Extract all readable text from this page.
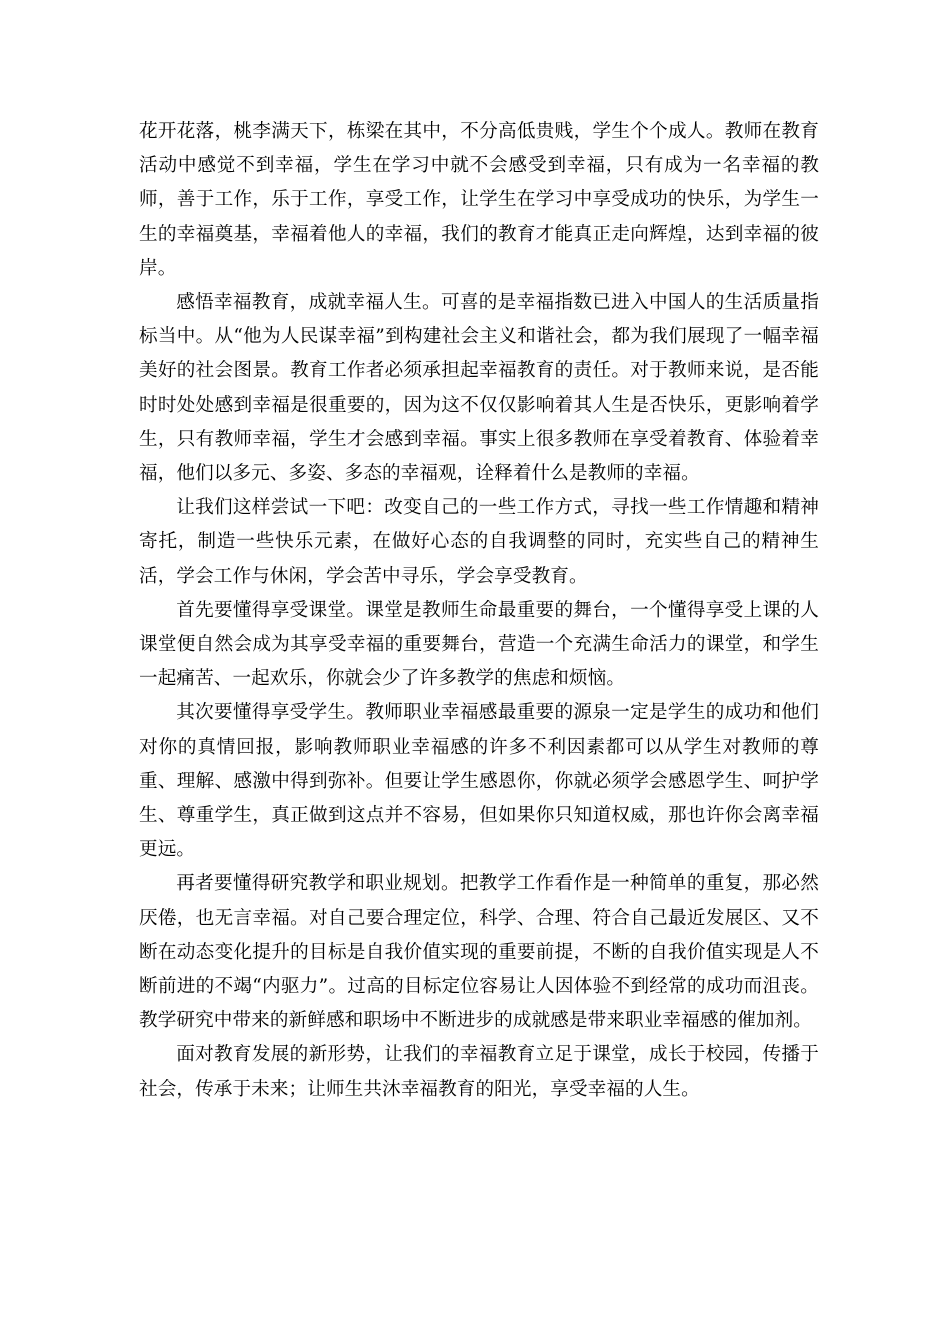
花开花落，桃李满天下，栋梁在其中，不分高低贵贱，学生个个成人。教师在教育活动中感觉不到幸福，学生在学习中就不会感受到幸福，只有成为一名幸福的教师，善于工作，乐于工作，享受工作，让学生在学习中享受成功的快乐，为学生一生的幸福奠基，幸福着他人的幸福，我们的教育才能真正走向辉煌，达到幸福的彼岸。

感悟幸福教育，成就幸福人生。可喜的是幸福指数已进入中国人的生活质量指标当中。从“他为人民谋幸福”到构建社会主义和谐社会，都为我们展现了一幅幸福美好的社会图景。教育工作者必须承担起幸福教育的责任。对于教师来说，是否能时时处处感到幸福是很重要的，因为这不仅仅影响着其人生是否快乐，更影响着学生，只有教师幸福，学生才会感到幸福。事实上很多教师在享受着教育、体验着幸福，他们以多元、多姿、多态的幸福观，诠释着什么是教师的幸福。

让我们这样尝试一下吧：改变自己的一些工作方式，寻找一些工作情趣和精神寄托，制造一些快乐元素，在做好心态的自我调整的同时，充实些自己的精神生活，学会工作与休闲，学会苦中寻乐，学会享受教育。

首先要懂得享受课堂。课堂是教师生命最重要的舞台，一个懂得享受上课的人课堂便自然会成为其享受幸福的重要舞台，营造一个充满生命活力的课堂，和学生一起痛苦、一起欢乐，你就会少了许多教学的焦虑和烦恼。

其次要懂得享受学生。教师职业幸福感最重要的源泉一定是学生的成功和他们对你的真情回报，影响教师职业幸福感的许多不利因素都可以从学生对教师的尊重、理解、感激中得到弥补。但要让学生感恩你，你就必须学会感恩学生、呵护学生、尊重学生，真正做到这点并不容易，但如果你只知道权威，那也许你会离幸福更远。

再者要懂得研究教学和职业规划。把教学工作看作是一种简单的重复，那必然厌倦，也无言幸福。对自己要合理定位，科学、合理、符合自己最近发展区、又不断在动态变化提升的目标是自我价值实现的重要前提，不断的自我价值实现是人不断前进的不竭“内驱力”。过高的目标定位容易让人因体验不到经常的成功而沮丧。教学研究中带来的新鲜感和职场中不断进步的成就感是带来职业幸福感的催加剂。

面对教育发展的新形势，让我们的幸福教育立足于课堂，成长于校园，传播于社会，传承于未来；让师生共沐幸福教育的阳光，享受幸福的人生。
